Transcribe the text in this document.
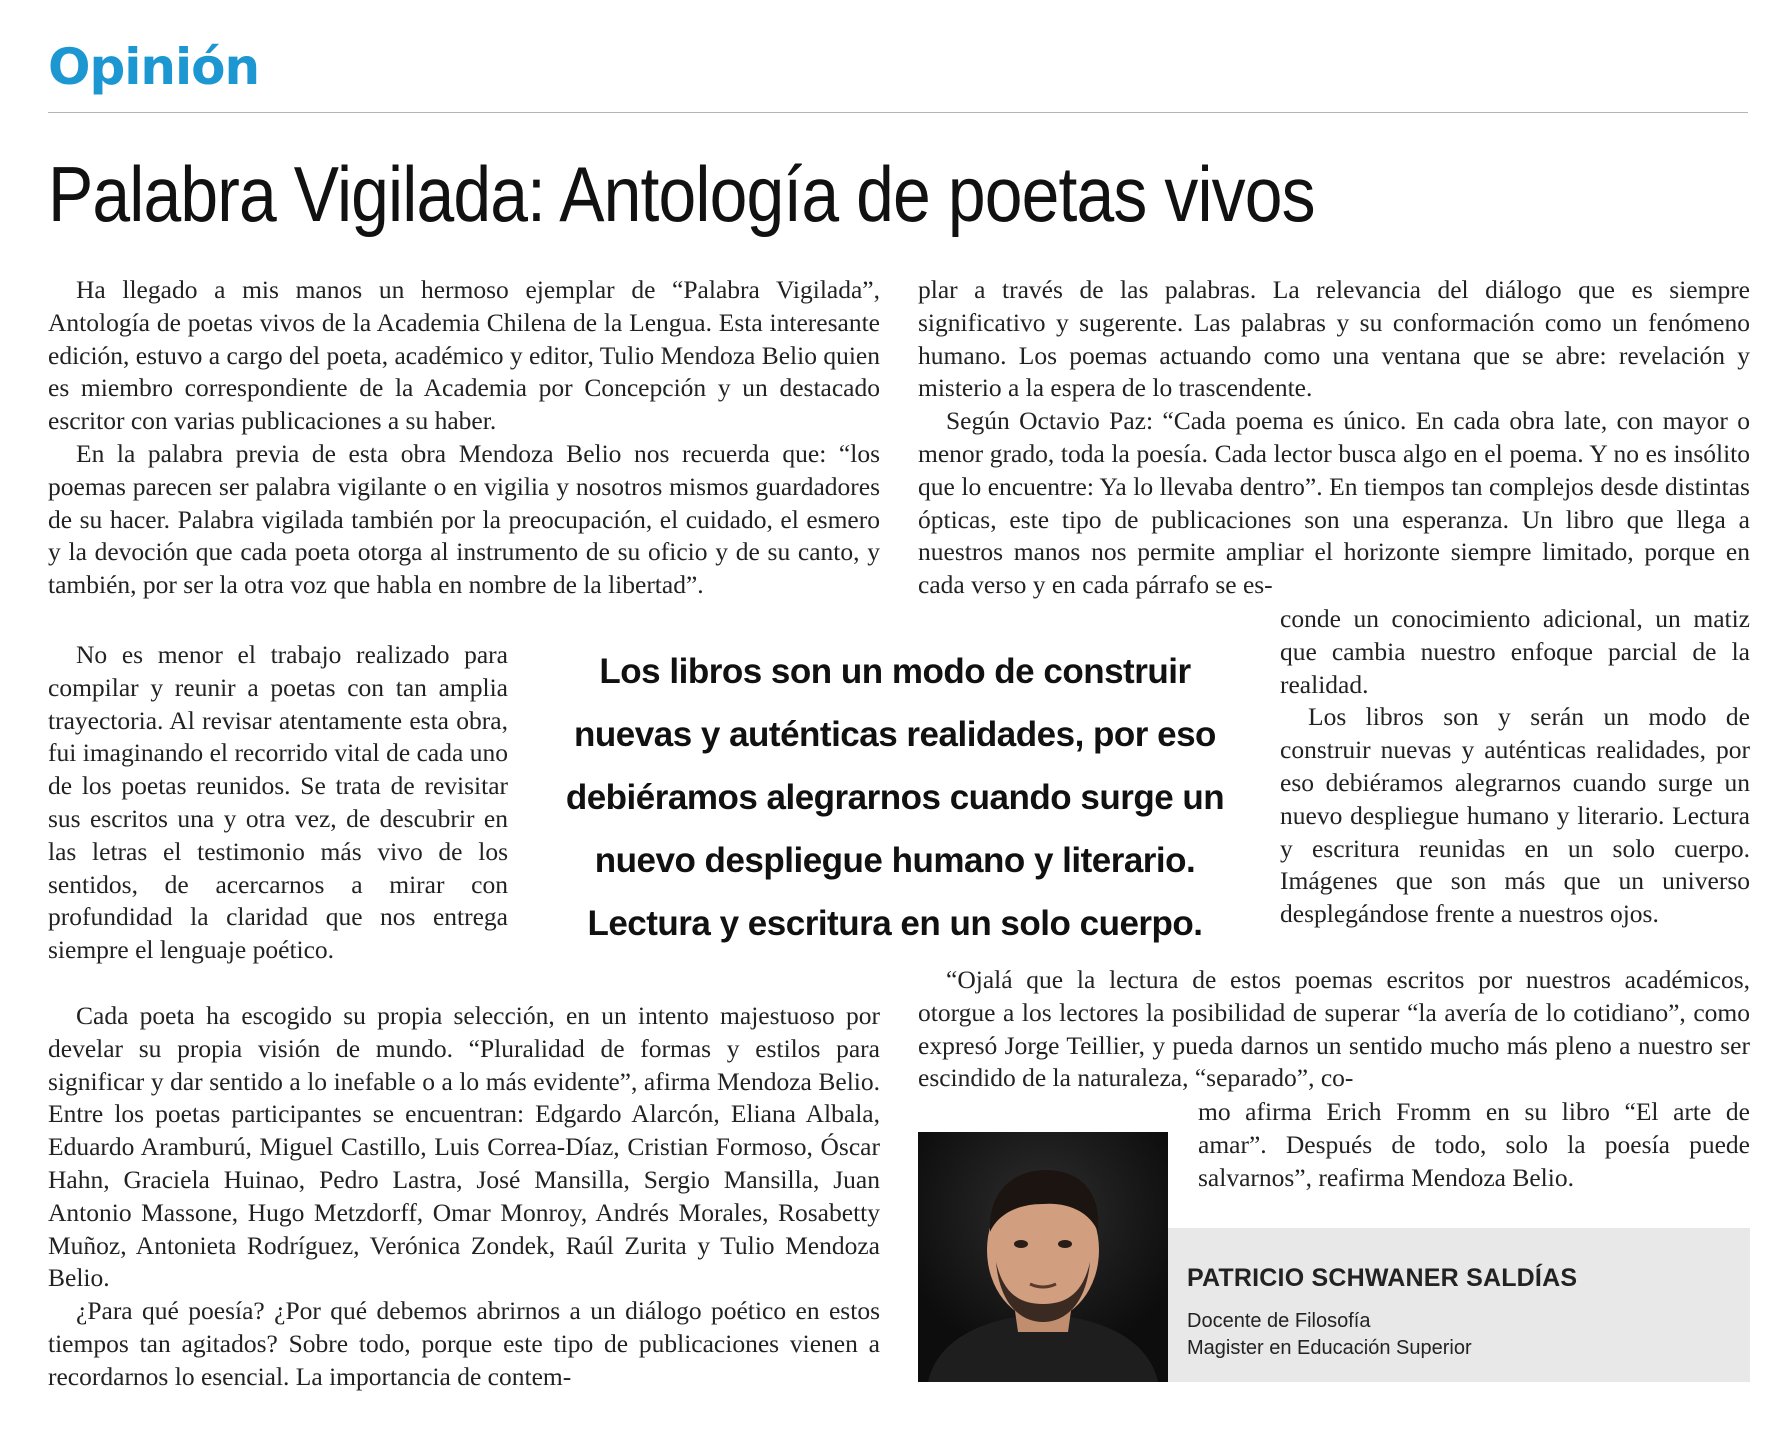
Opinión
Palabra Vigilada: Antología de poetas vivos

Ha llegado a mis manos un hermoso ejemplar de “Palabra Vigilada”, Antología de poetas vivos de la Academia Chilena de la Lengua. Esta interesante edición, estuvo a cargo del poeta, académico y editor, Tulio Mendoza Belio quien es miembro correspondiente de la Academia por Concepción y un destacado escritor con varias publicaciones a su haber.

En la palabra previa de esta obra Mendoza Belio nos recuerda que: “los poemas parecen ser palabra vigilante o en vigilia y nosotros mismos guardadores de su hacer. Palabra vigilada también por la preocupación, el cuidado, el esmero y la devoción que cada poeta otorga al instrumento de su oficio y de su canto, y también, por ser la otra voz que habla en nombre de la libertad”.

No es menor el trabajo realizado para compilar y reunir a poetas con tan amplia trayectoria. Al revisar atentamente esta obra, fui imaginando el recorrido vital de cada uno de los poetas reunidos. Se trata de revisitar sus escritos una y otra vez, de descubrir en las letras el testimonio más vivo de los sentidos, de acercarnos a mirar con profundidad la claridad que nos entrega siempre el lenguaje poético.

Cada poeta ha escogido su propia selección, en un intento majestuoso por develar su propia visión de mundo. “Pluralidad de formas y estilos para significar y dar sentido a lo inefable o a lo más evidente”, afirma Mendoza Belio. Entre los poetas participantes se encuentran: Edgardo Alarcón, Eliana Albala, Eduardo Aramburú, Miguel Castillo, Luis Correa-Díaz, Cristian Formoso, Óscar Hahn, Graciela Huinao, Pedro Lastra, José Mansilla, Sergio Mansilla, Juan Antonio Massone, Hugo Metzdorff, Omar Monroy, Andrés Morales, Rosabetty Muñoz, Antonieta Rodríguez, Verónica Zondek, Raúl Zurita y Tulio Mendoza Belio.

¿Para qué poesía? ¿Por qué debemos abrirnos a un diálogo poético en estos tiempos tan agitados? Sobre todo, porque este tipo de publicaciones vienen a recordarnos lo esencial. La importancia de contem-

plar a través de las palabras. La relevancia del diálogo que es siempre significativo y sugerente. Las palabras y su conformación como un fenómeno humano. Los poemas actuando como una ventana que se abre: revelación y misterio a la espera de lo trascendente.

Según Octavio Paz: “Cada poema es único. En cada obra late, con mayor o menor grado, toda la poesía. Cada lector busca algo en el poema. Y no es insólito que lo encuentre: Ya lo llevaba dentro”. En tiempos tan complejos desde distintas ópticas, este tipo de publicaciones son una esperanza. Un libro que llega a nuestros manos nos permite ampliar el horizonte siempre limitado, porque en cada verso y en cada párrafo se es-

conde un conocimiento adicional, un matiz que cambia nuestro enfoque parcial de la realidad.

Los libros son y serán un modo de construir nuevas y auténticas realidades, por eso debiéramos alegrarnos cuando surge un nuevo despliegue humano y literario. Lectura y escritura reunidas en un solo cuerpo. Imágenes que son más que un universo desplegándose frente a nuestros ojos.

“Ojalá que la lectura de estos poemas escritos por nuestros académicos, otorgue a los lectores la posibilidad de superar “la avería de lo cotidiano”, como expresó Jorge Teillier, y pueda darnos un sentido mucho más pleno a nuestro ser escindido de la naturaleza, “separado”, co-

mo afirma Erich Fromm en su libro “El arte de amar”. Después de todo, solo la poesía puede salvarnos”, reafirma Mendoza Belio.

Los libros son un modo de construir nuevas y auténticas realidades, por eso debiéramos alegrarnos cuando surge un nuevo despliegue humano y literario. Lectura y escritura en un solo cuerpo.

PATRICIO SCHWANER SALDÍAS

Docente de Filosofía
Magister en Educación Superior
